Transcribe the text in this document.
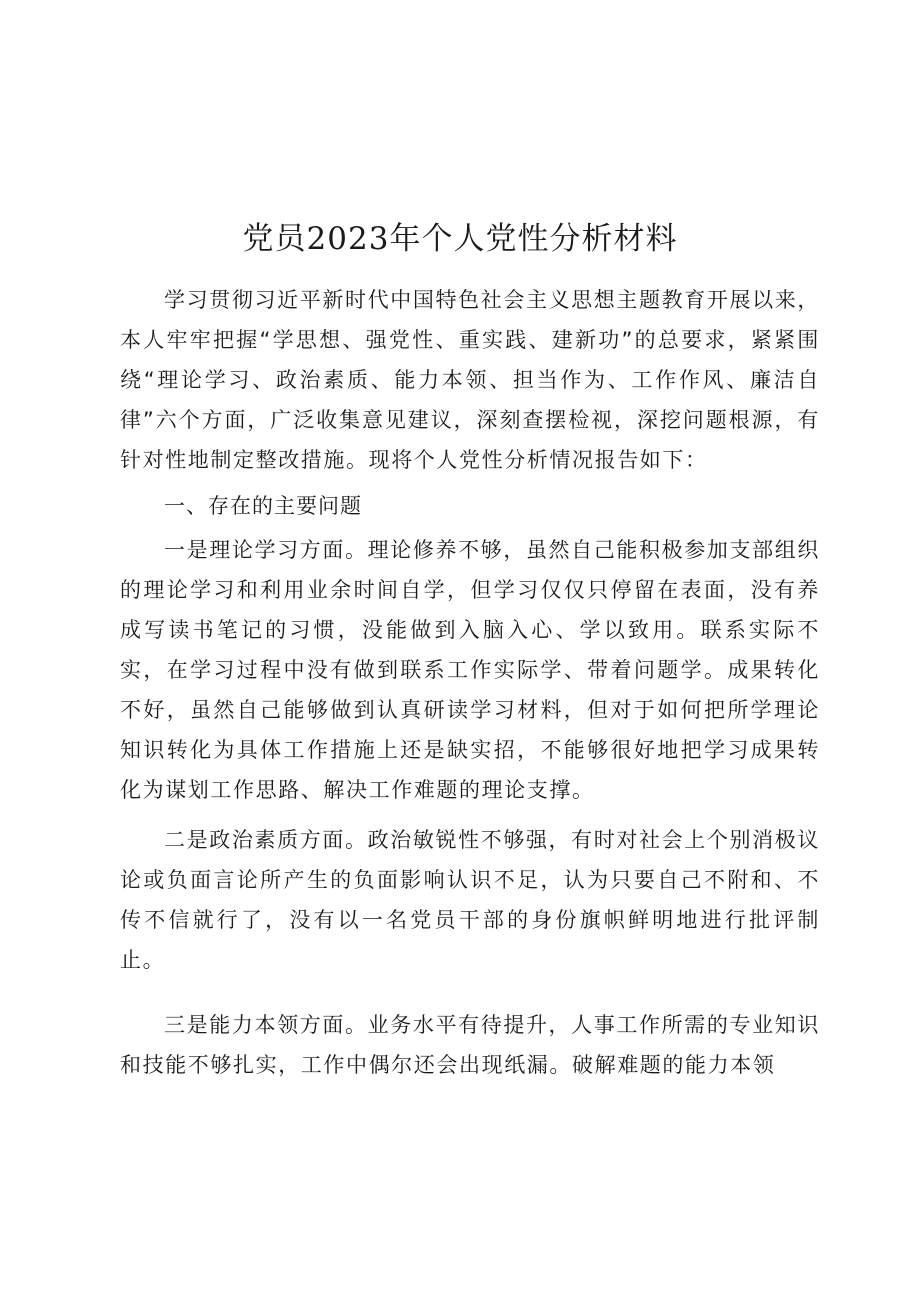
党员2023年个人党性分析材料

学习贯彻习近平新时代中国特色社会主义思想主题教育开展以来，本人牢牢把握“学思想、强党性、重实践、建新功”的总要求，紧紧围绕“理论学习、政治素质、能力本领、担当作为、工作作风、廉洁自律”六个方面，广泛收集意见建议，深刻查摆检视，深挖问题根源，有针对性地制定整改措施。现将个人党性分析情况报告如下：

一、存在的主要问题

一是理论学习方面。理论修养不够，虽然自己能积极参加支部组织的理论学习和利用业余时间自学，但学习仅仅只停留在表面，没有养成写读书笔记的习惯，没能做到入脑入心、学以致用。联系实际不实，在学习过程中没有做到联系工作实际学、带着问题学。成果转化不好，虽然自己能够做到认真研读学习材料，但对于如何把所学理论知识转化为具体工作措施上还是缺实招，不能够很好地把学习成果转化为谋划工作思路、解决工作难题的理论支撑。

二是政治素质方面。政治敏锐性不够强，有时对社会上个别消极议论或负面言论所产生的负面影响认识不足，认为只要自己不附和、不传不信就行了，没有以一名党员干部的身份旗帜鲜明地进行批评制止。

三是能力本领方面。业务水平有待提升，人事工作所需的专业知识和技能不够扎实，工作中偶尔还会出现纸漏。破解难题的能力本领
